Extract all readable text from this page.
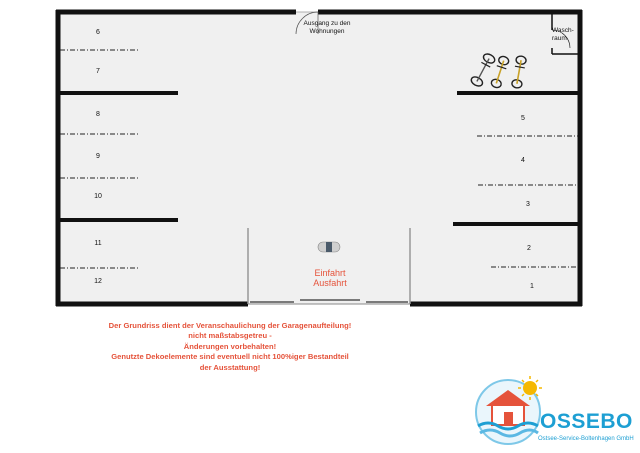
Ausgang zu den
Wohnungen	Wasch-
raum
Einfahrt
Ausfahrt
6
7
8
9
10
11
12
5
4
3
2
1
Der Grundriss dient der Veranschaulichung der Garagenaufteilung!
nicht maßstabsgetreu -
Änderungen vorbehalten!
Genutzte Dekoelemente sind eventuell nicht 100%iger Bestandteil
der Ausstattung!
OSSEBO
Ostsee-Service-Boltenhagen GmbH
